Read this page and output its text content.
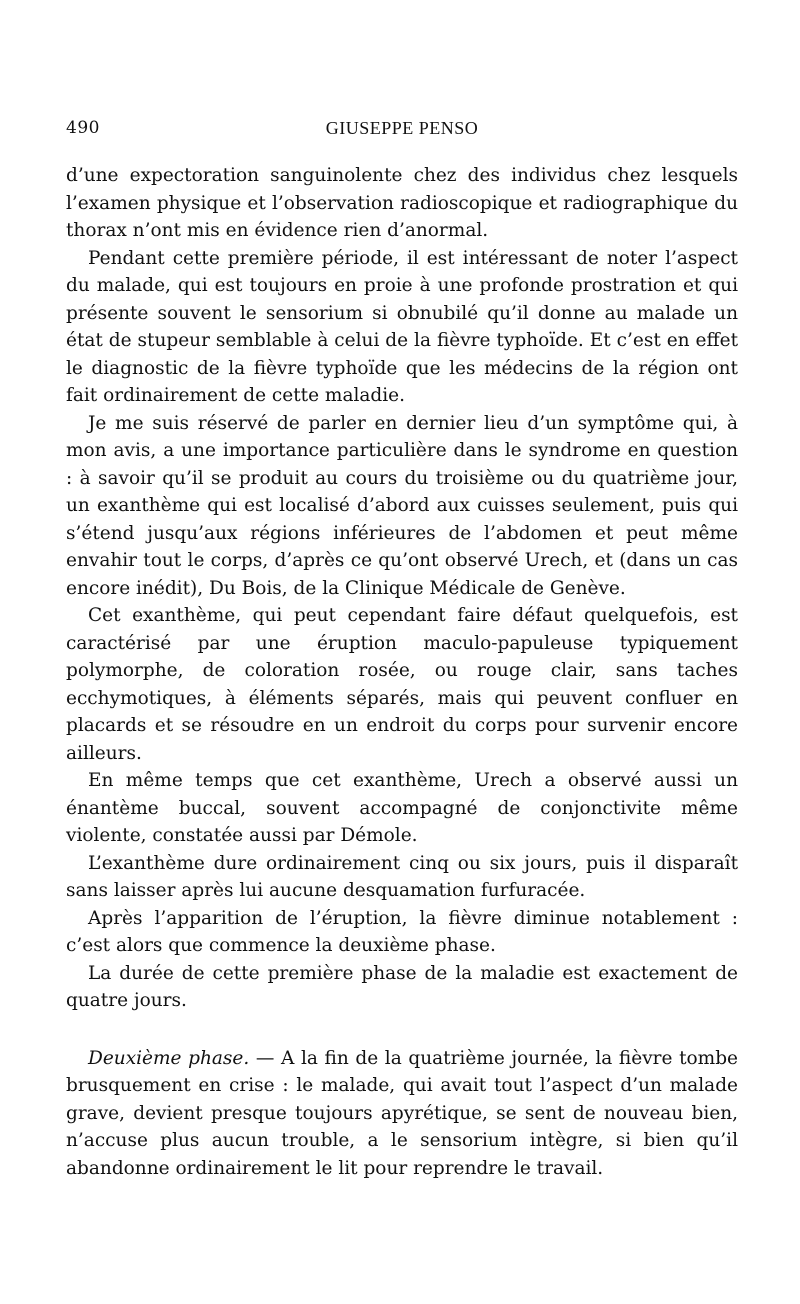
490	GIUSEPPE PENSO

d’une expectoration sanguinolente chez des individus chez lesquels l’examen physique et l’observation radioscopique et radiographique du thorax n’ont mis en évidence rien d’anormal.

Pendant cette première période, il est intéressant de noter l’aspect du malade, qui est toujours en proie à une profonde prostration et qui présente souvent le sensorium si obnubilé qu’il donne au malade un état de stupeur semblable à celui de la fièvre typhoïde. Et c’est en effet le diagnostic de la fièvre typhoïde que les médecins de la région ont fait ordinairement de cette maladie.

Je me suis réservé de parler en dernier lieu d’un symptôme qui, à mon avis, a une importance particulière dans le syndrome en question : à savoir qu’il se produit au cours du troisième ou du quatrième jour, un exanthème qui est localisé d’abord aux cuisses seulement, puis qui s’étend jusqu’aux régions inférieures de l’abdomen et peut même envahir tout le corps, d’après ce qu’ont observé Urech, et (dans un cas encore inédit), Du Bois, de la Clinique Médicale de Genève.

Cet exanthème, qui peut cependant faire défaut quelquefois, est caractérisé par une éruption maculo-papuleuse typiquement polymorphe, de coloration rosée, ou rouge clair, sans taches ecchymotiques, à éléments séparés, mais qui peuvent confluer en placards et se résoudre en un endroit du corps pour survenir encore ailleurs.

En même temps que cet exanthème, Urech a observé aussi un énantème buccal, souvent accompagné de conjonctivite même violente, constatée aussi par Démole.

L’exanthème dure ordinairement cinq ou six jours, puis il disparaît sans laisser après lui aucune desquamation furfuracée.

Après l’apparition de l’éruption, la fièvre diminue notablement : c’est alors que commence la deuxième phase.

La durée de cette première phase de la maladie est exactement de quatre jours.

Deuxième phase. — A la fin de la quatrième journée, la fièvre tombe brusquement en crise : le malade, qui avait tout l’aspect d’un malade grave, devient presque toujours apyrétique, se sent de nouveau bien, n’accuse plus aucun trouble, a le sensorium intègre, si bien qu’il abandonne ordinairement le lit pour reprendre le travail.
